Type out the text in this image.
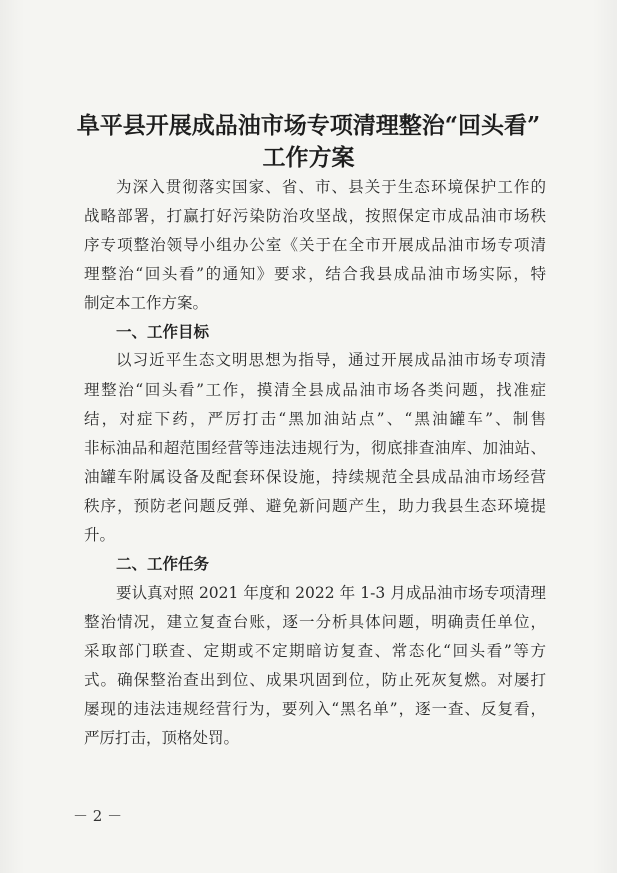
阜平县开展成品油市场专项清理整治“回头看”
工作方案
为深入贯彻落实国家、省、市、县关于生态环境保护工作的
战略部署，打赢打好污染防治攻坚战，按照保定市成品油市场秩
序专项整治领导小组办公室《关于在全市开展成品油市场专项清
理整治“回头看”的通知》要求，结合我县成品油市场实际，特
制定本工作方案。
一、工作目标
以习近平生态文明思想为指导，通过开展成品油市场专项清
理整治“回头看”工作，摸清全县成品油市场各类问题，找准症
结，对症下药，严厉打击“黑加油站点”、“黑油罐车”、制售
非标油品和超范围经营等违法违规行为，彻底排查油库、加油站、
油罐车附属设备及配套环保设施，持续规范全县成品油市场经营
秩序，预防老问题反弹、避免新问题产生，助力我县生态环境提
升。
二、工作任务
要认真对照 2021 年度和 2022 年 1-3 月成品油市场专项清理
整治情况，建立复查台账，逐一分析具体问题，明确责任单位，
采取部门联查、定期或不定期暗访复查、常态化“回头看”等方
式。确保整治查出到位、成果巩固到位，防止死灰复燃。对屡打
屡现的违法违规经营行为，要列入“黑名单”，逐一查、反复看，
严厉打击，顶格处罚。
－ 2 －
